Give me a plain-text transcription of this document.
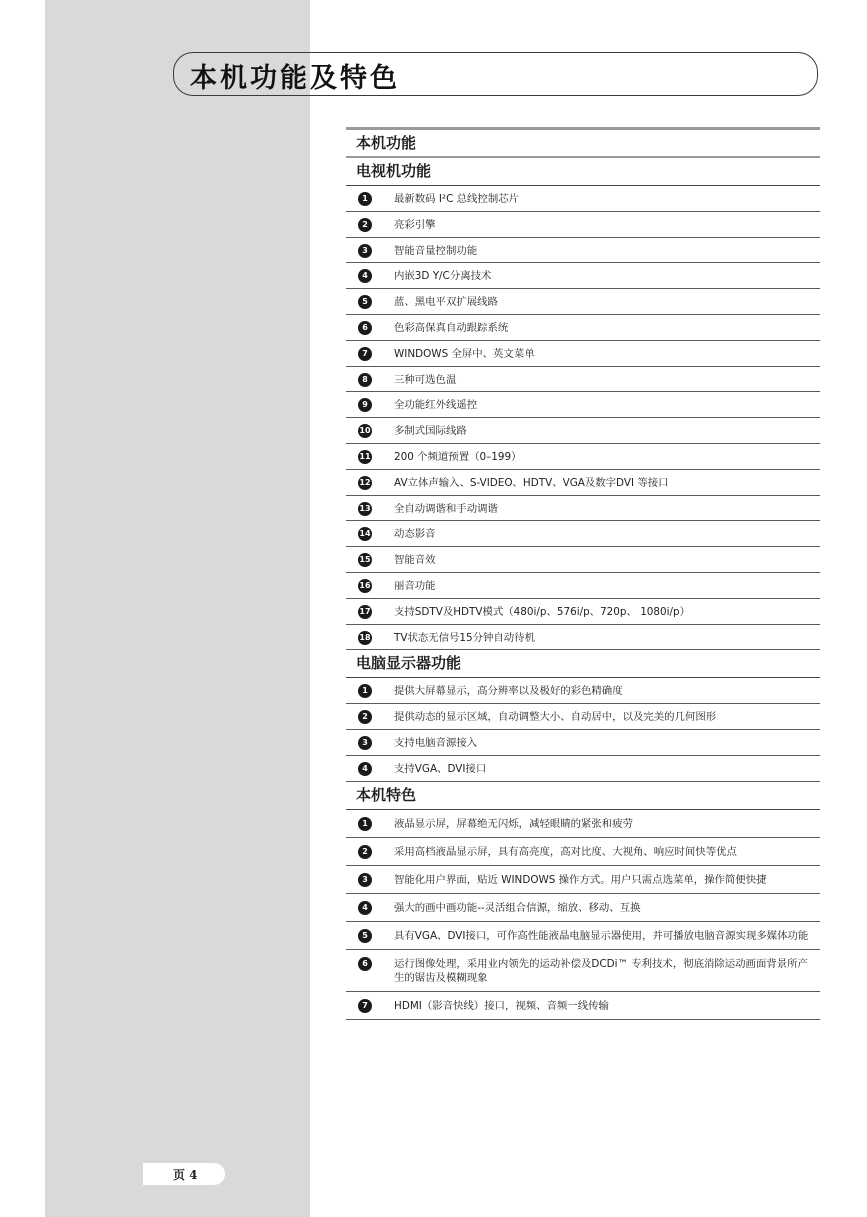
本机功能及特色
本机功能
电视机功能
1	最新数码 I²C 总线控制芯片
2	亮彩引擎
3	智能音量控制功能
4	内嵌3D Y/C分离技术
5	蓝、黑电平双扩展线路
6	色彩高保真自动跟踪系统
7	WINDOWS 全屏中、英文菜单
8	三种可选色温
9	全功能红外线遥控
10 多制式国际线路
11 200 个频道预置（0–199）
12 AV立体声输入、S-VIDEO、HDTV、VGA及数字DVI 等接口
13 全自动调谐和手动调谐
14 动态影音
15 智能音效
16 丽音功能
17 支持SDTV及HDTV模式（480i/p、576i/p、720p、 1080i/p）
18 TV状态无信号15分钟自动待机
电脑显示器功能
1	提供大屏幕显示，高分辨率以及极好的彩色精确度
2	提供动态的显示区域，自动调整大小、自动居中，以及完美的几何图形
3	支持电脑音源接入
4	支持VGA、DVI接口
本机特色
1	液晶显示屏，屏幕绝无闪烁，减轻眼睛的紧张和疲劳
2	采用高档液晶显示屏，具有高亮度，高对比度、大视角、响应时间快等优点
3	智能化用户界面，贴近 WINDOWS 操作方式。用户只需点选菜单，操作简便快捷
4	强大的画中画功能--灵活组合信源，缩放、移动、互换
5	具有VGA、DVI接口，可作高性能液晶电脑显示器使用，并可播放电脑音源实现多媒体功能
6	运行图像处理，采用业内领先的运动补偿及DCDi™ 专利技术，彻底消除运动画面背景所产生的锯齿及模糊现象
7	HDMI（影音快线）接口，视频、音频一线传输
页 4
